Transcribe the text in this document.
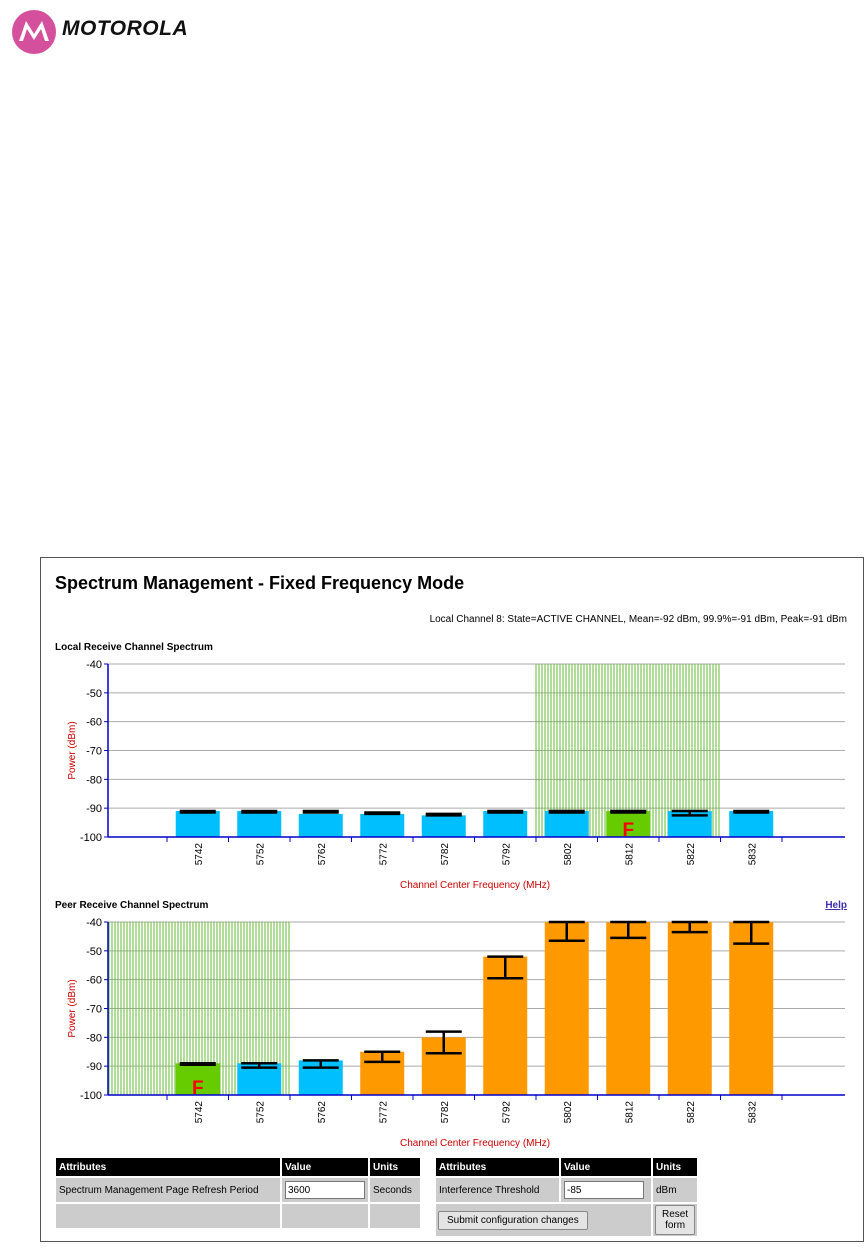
MOTOROLA
Spectrum Management - Fixed Frequency Mode
Local Channel 8: State=ACTIVE CHANNEL, Mean=-92 dBm, 99.9%=-91 dBm, Peak=-91 dBm
Local Receive Channel Spectrum
F
-40
-50
-60
-70
-80
-90
-100
5742	5752	5762	5772	5782	5792	5802	5812	5822	5832
Channel Center Frequency (MHz)
Power (dBm)
Peer Receive Channel Spectrum	Help
F
-40
-50
-60
-70
-80
-90
-100
5742	5752	5762	5772	5782	5792	5802	5812	5822	5832
Channel Center Frequency (MHz)
Power (dBm)
Attributes	Value	Units
Spectrum Management Page Refresh Period	3600	Seconds

Attributes	Value	Units
Interference Threshold	-85	dBm
Submit configuration changes		Reset form
